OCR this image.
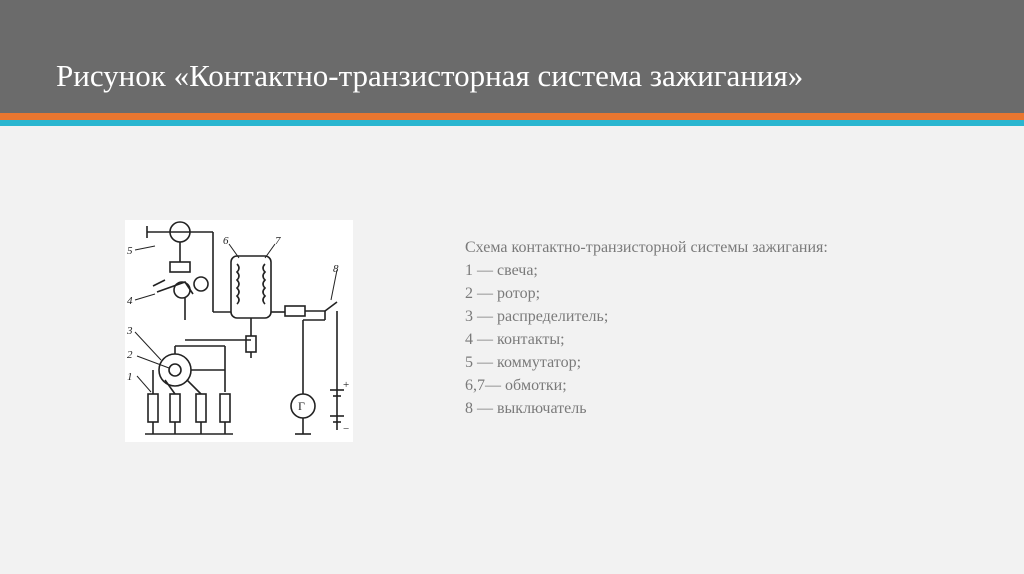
Рисунок «Контактно-транзисторная система зажигания»
5
4
3
2
1
6	7
8
Г
+
−
Схема контактно-транзисторной системы зажигания:
1 — свеча;
2 — ротор;
3 — распределитель;
4 — контакты;
5 — коммутатор;
6,7— обмотки;
8 — выключатель
